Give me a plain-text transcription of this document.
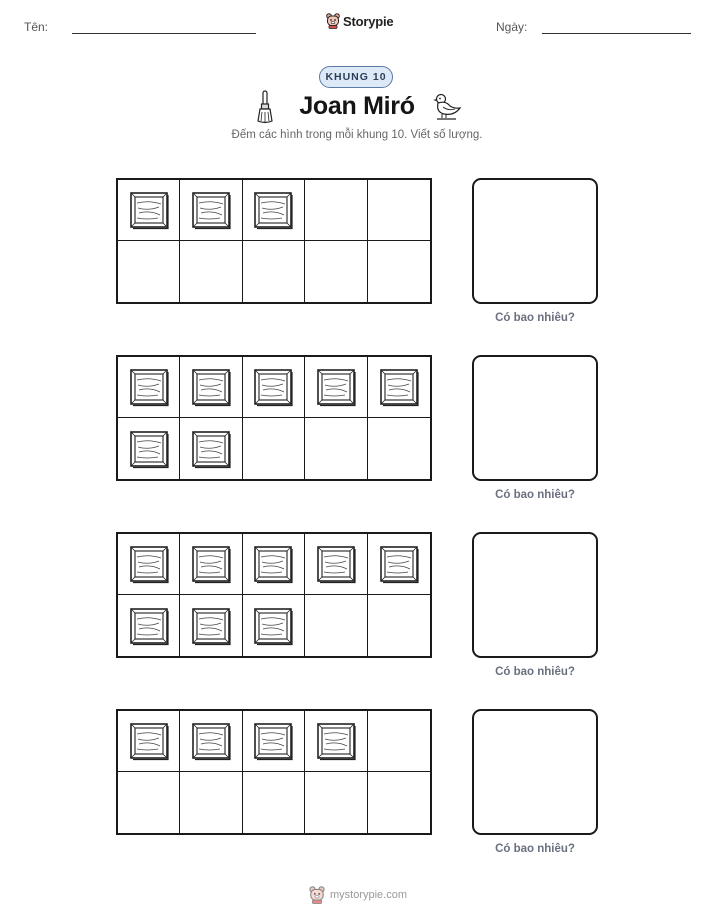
Tên:	Storypie	Ngày:
KHUNG 10
Joan Miró
Đếm các hình trong mỗi khung 10. Viết số lượng.
Có bao nhiêu?
Có bao nhiêu?
Có bao nhiêu?
Có bao nhiêu?
mystorypie.com
